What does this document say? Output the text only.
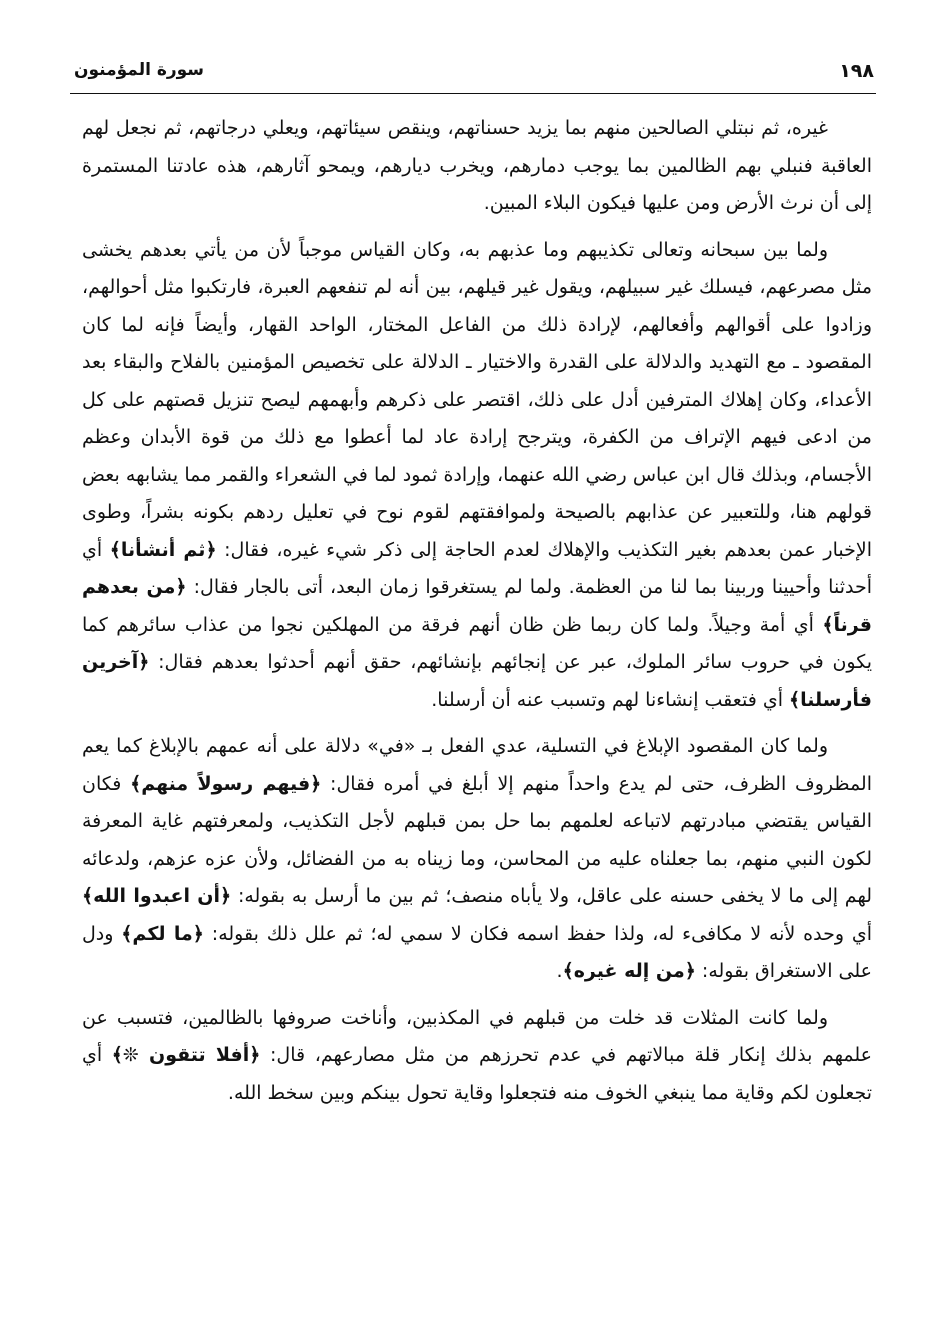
١٩٨
سورة المؤمنون

غيره، ثم نبتلي الصالحين منهم بما يزيد حسناتهم، وينقص سيئاتهم، ويعلي درجاتهم، ثم نجعل لهم العاقبة فنبلي بهم الظالمين بما يوجب دمارهم، ويخرب ديارهم، ويمحو آثارهم، هذه عادتنا المستمرة إلى أن نرث الأرض ومن عليها فيكون البلاء المبين.

ولما بين سبحانه وتعالى تكذيبهم وما عذبهم به، وكان القياس موجباً لأن من يأتي بعدهم يخشى مثل مصرعهم، فيسلك غير سبيلهم، ويقول غير قيلهم، بين أنه لم تنفعهم العبرة، فارتكبوا مثل أحوالهم، وزادوا على أقوالهم وأفعالهم، لإرادة ذلك من الفاعل المختار، الواحد القهار، وأيضاً فإنه لما كان المقصود ـ مع التهديد والدلالة على القدرة والاختيار ـ الدلالة على تخصيص المؤمنين بالفلاح والبقاء بعد الأعداء، وكان إهلاك المترفين أدل على ذلك، اقتصر على ذكرهم وأبهمهم ليصح تنزيل قصتهم على كل من ادعى فيهم الإتراف من الكفرة، ويترجح إرادة عاد لما أعطوا مع ذلك من قوة الأبدان وعظم الأجسام، وبذلك قال ابن عباس رضي الله عنهما، وإرادة ثمود لما في الشعراء والقمر مما يشابهه بعض قولهم هنا، وللتعبير عن عذابهم بالصيحة ولموافقتهم لقوم نوح في تعليل ردهم بكونه بشراً، وطوى الإخبار عمن بعدهم بغير التكذيب والإهلاك لعدم الحاجة إلى ذكر شيء غيره، فقال: ﴿ثم أنشأنا﴾ أي أحدثنا وأحيينا وربينا بما لنا من العظمة. ولما لم يستغرقوا زمان البعد، أتى بالجار فقال: ﴿من بعدهم قرناً﴾ أي أمة وجيلاً. ولما كان ربما ظن ظان أنهم فرقة من المهلكين نجوا من عذاب سائرهم كما يكون في حروب سائر الملوك، عبر عن إنجائهم بإنشائهم، حقق أنهم أحدثوا بعدهم فقال: ﴿آخرين فأرسلنا﴾ أي فتعقب إنشاءنا لهم وتسبب عنه أن أرسلنا.

ولما كان المقصود الإبلاغ في التسلية، عدي الفعل بـ «في» دلالة على أنه عمهم بالإبلاغ كما يعم المظروف الظرف، حتى لم يدع واحداً منهم إلا أبلغ في أمره فقال: ﴿فيهم رسولاً منهم﴾ فكان القياس يقتضي مبادرتهم لاتباعه لعلمهم بما حل بمن قبلهم لأجل التكذيب، ولمعرفتهم غاية المعرفة لكون النبي منهم، بما جعلناه عليه من المحاسن، وما زيناه به من الفضائل، ولأن عزه عزهم، ولدعائه لهم إلى ما لا يخفى حسنه على عاقل، ولا يأباه منصف؛ ثم بين ما أرسل به بقوله: ﴿أن اعبدوا الله﴾ أي وحده لأنه لا مكافىء له، ولذا حفظ اسمه فكان لا سمي له؛ ثم علل ذلك بقوله: ﴿ما لكم﴾ ودل على الاستغراق بقوله: ﴿من إله غيره﴾.

ولما كانت المثلات قد خلت من قبلهم في المكذبين، وأناخت صروفها بالظالمين، فتسبب عن علمهم بذلك إنكار قلة مبالاتهم في عدم تحرزهم من مثل مصارعهم، قال: ﴿أفلا تتقون ❊﴾ أي تجعلون لكم وقاية مما ينبغي الخوف منه فتجعلوا وقاية تحول بينكم وبين سخط الله.
